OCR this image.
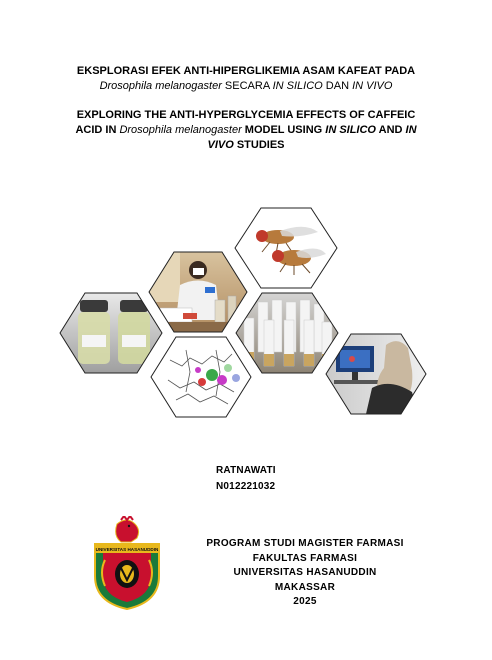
EKSPLORASI EFEK ANTI-HIPERGLIKEMIA ASAM KAFEAT PADA
Drosophila melanogaster SECARA IN SILICO DAN IN VIVO
EXPLORING THE ANTI-HYPERGLYCEMIA EFFECTS OF CAFFEIC
ACID IN Drosophila melanogaster MODEL USING IN SILICO AND IN
VIVO STUDIES
RATNAWATI
N012221032
UNIVERSITAS HASANUDDIN
PROGRAM STUDI MAGISTER FARMASI
FAKULTAS FARMASI
UNIVERSITAS HASANUDDIN
MAKASSAR
2025
